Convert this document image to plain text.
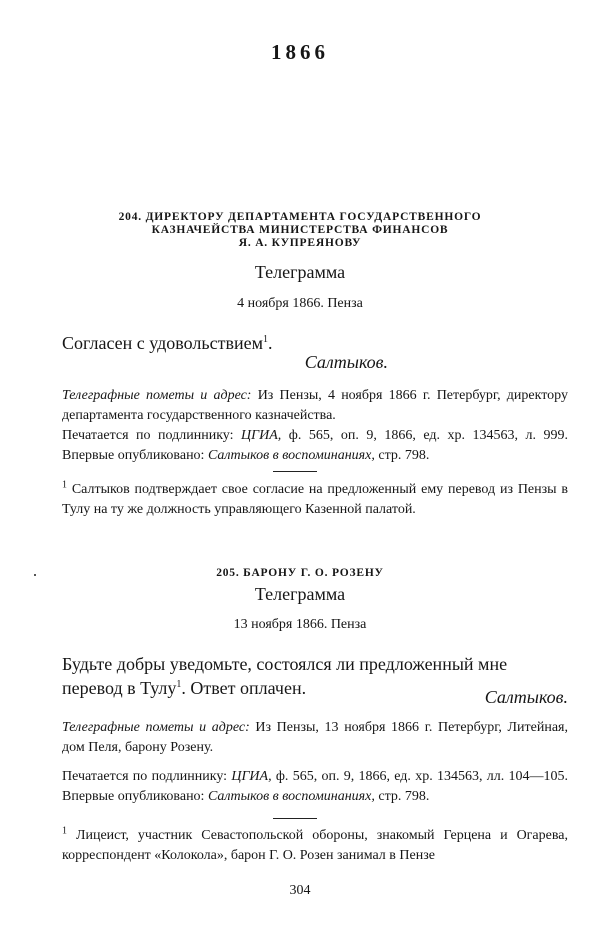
1866
204. ДИРЕКТОРУ ДЕПАРТАМЕНТА ГОСУДАРСТВЕННОГО
КАЗНАЧЕЙСТВА МИНИСТЕРСТВА ФИНАНСОВ
Я. А. КУПРЕЯНОВУ
Телеграмма
4 ноября 1866. Пенза
Согласен с удовольствием$^1$.
Салтыков.
Телеграфные пометы и адрес: Из Пензы, 4 ноября 1866 г. Петербург, директору департамента государственного казначейства.
Печатается по подлиннику: ЦГИА, ф. 565, оп. 9, 1866, ед. хр. 134563, л. 999. Впервые опубликовано: Салтыков в воспоминаниях, стр. 798.
$^1$ Салтыков подтверждает свое согласие на предложенный ему перевод из Пензы в Тулу на ту же должность управляющего Казенной палатой.
205. БАРОНУ Г. О. РОЗЕНУ
Телеграмма
13 ноября 1866. Пенза
Будьте добры уведомьте, состоялся ли предложенный мне
перевод в Тулу$^1$. Ответ оплачен.	Салтыков.
Телеграфные пометы и адрес: Из Пензы, 13 ноября 1866 г. Петербург, Литейная, дом Пеля, барону Розену.
Печатается по подлиннику: ЦГИА, ф. 565, оп. 9, 1866, ед. хр. 134563, лл. 104—105. Впервые опубликовано: Салтыков в воспоминаниях, стр. 798.
$^1$ Лицеист, участник Севастопольской обороны, знакомый Герцена и Огарева, корреспондент «Колокола», барон Г. О. Розен занимал в Пензе
304
